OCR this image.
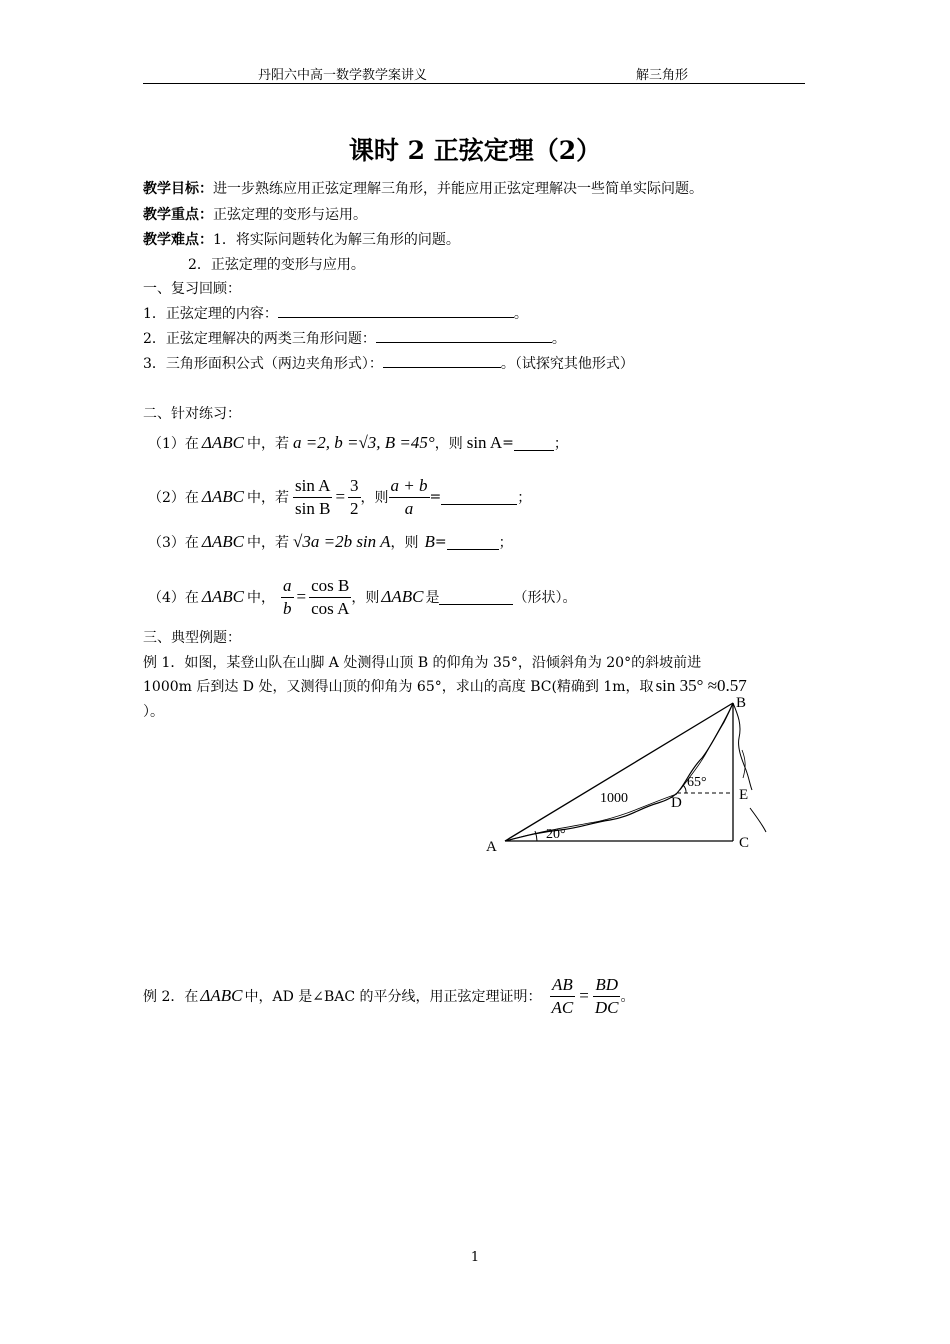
丹阳六中高一数学教学案讲义	解三角形
课时 2 正弦定理（2）
教学目标：进一步熟练应用正弦定理解三角形，并能应用正弦定理解决一些简单实际问题。
教学重点：正弦定理的变形与运用。
教学难点：1．将实际问题转化为解三角形的问题。
2．正弦定理的变形与应用。
一、复习回顾：
1．正弦定理的内容：	。
2．正弦定理解决的两类三角形问题：	。
3．三角形面积公式（两边夹角形式）：	。（试探究其他形式）
二、针对练习：
（1）在 ΔABC 中， 若 a =2, b =√3, B =45° ，则 sin A =	；
（2）在 ΔABC 中， 若 $\frac{\text{sin A}}{\text{sin B}} = \frac{3}{2}$ ，则 $\frac{a + b}{a}$ =	；
（3）在 ΔABC 中， 若 √3a =2b sin A ，则 B =	；
（4）在 ΔABC 中， $\frac{a}{b} = \frac{\text{cos B}}{\text{cos A}}$ ，则 ΔABC 是	（形状）。
三、典型例题：
例 1．如图，某登山队在山脚 A 处测得山顶 B 的仰角为 35°，沿倾斜角为 20°的斜坡前进
1000m 后到达 D 处，又测得山顶的仰角为 65°，求山的高度 BC(精确到 1m，取 sin 35° ≈0.57
）。
A
B
C
D	E
20°
65°
1000
例 2．在 ΔABC 中，AD 是∠BAC 的平分线，用正弦定理证明： $\frac{AB}{AC} = \frac{BD}{DC}$ 。
1
